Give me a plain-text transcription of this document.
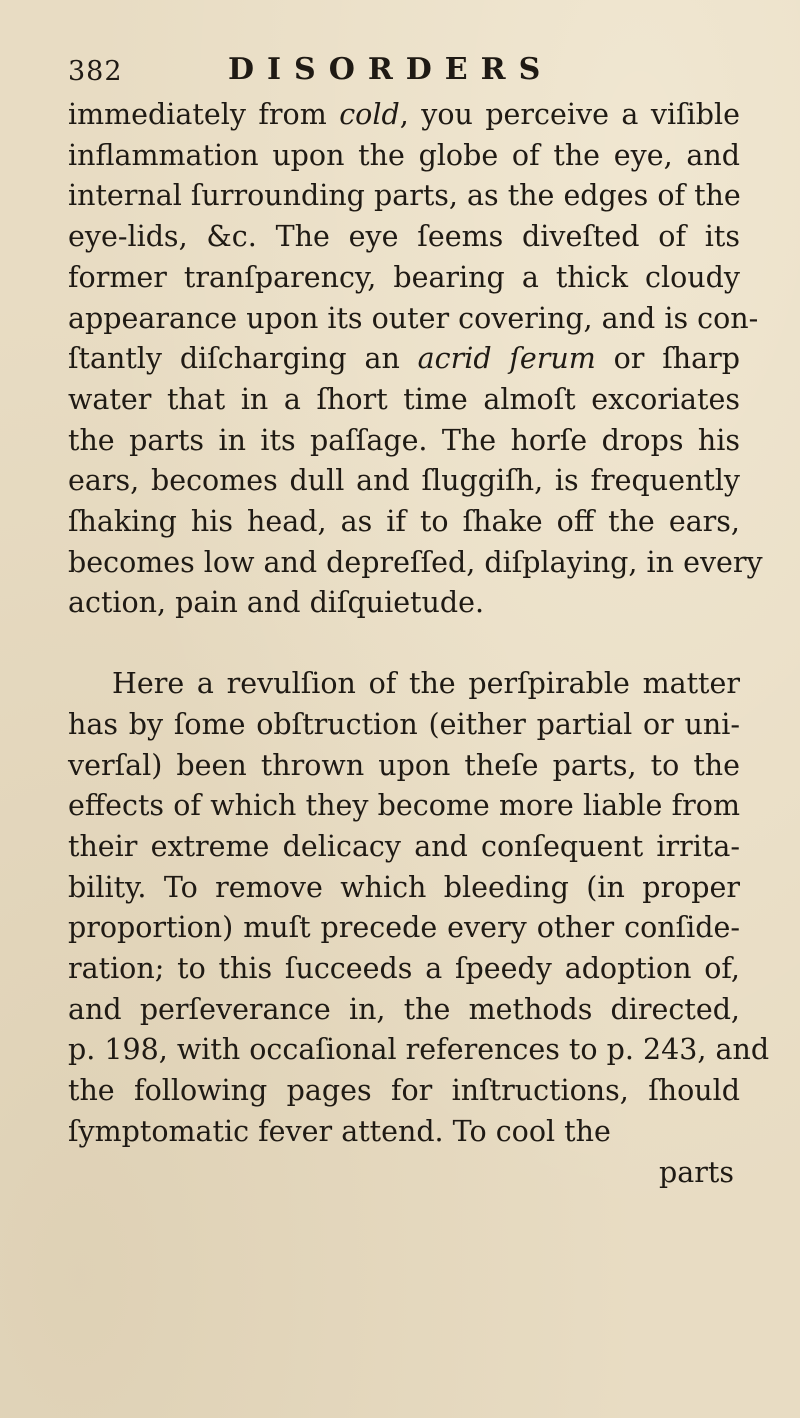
382	DISORDERS
immediately from cold, you perceive a viſible
inflammation upon the globe of the eye, and
internal ſurrounding parts, as the edges of the
eye-lids, &c. The eye ſeems diveſted of its
former tranſparency, bearing a thick cloudy
appearance upon its outer covering, and is con-
ſtantly diſcharging an acrid ſerum or ſharp
water that in a ſhort time almoſt excoriates
the parts in its paſſage. The horſe drops his
ears, becomes dull and ſluggiſh, is frequently
ſhaking his head, as if to ſhake off the ears,
becomes low and depreſſed, diſplaying, in every
action, pain and diſquietude.
Here a revulſion of the perſpirable matter
has by ſome obſtruction (either partial or uni-
verſal) been thrown upon theſe parts, to the
effects of which they become more liable from
their extreme delicacy and conſequent irrita-
bility. To remove which bleeding (in proper
proportion) muſt precede every other conſide-
ration; to this ſucceeds a ſpeedy adoption of,
and perſeverance in, the methods directed,
p. 198, with occaſional references to p. 243, and
the following pages for inſtructions, ſhould
ſymptomatic fever attend. To cool the
parts
